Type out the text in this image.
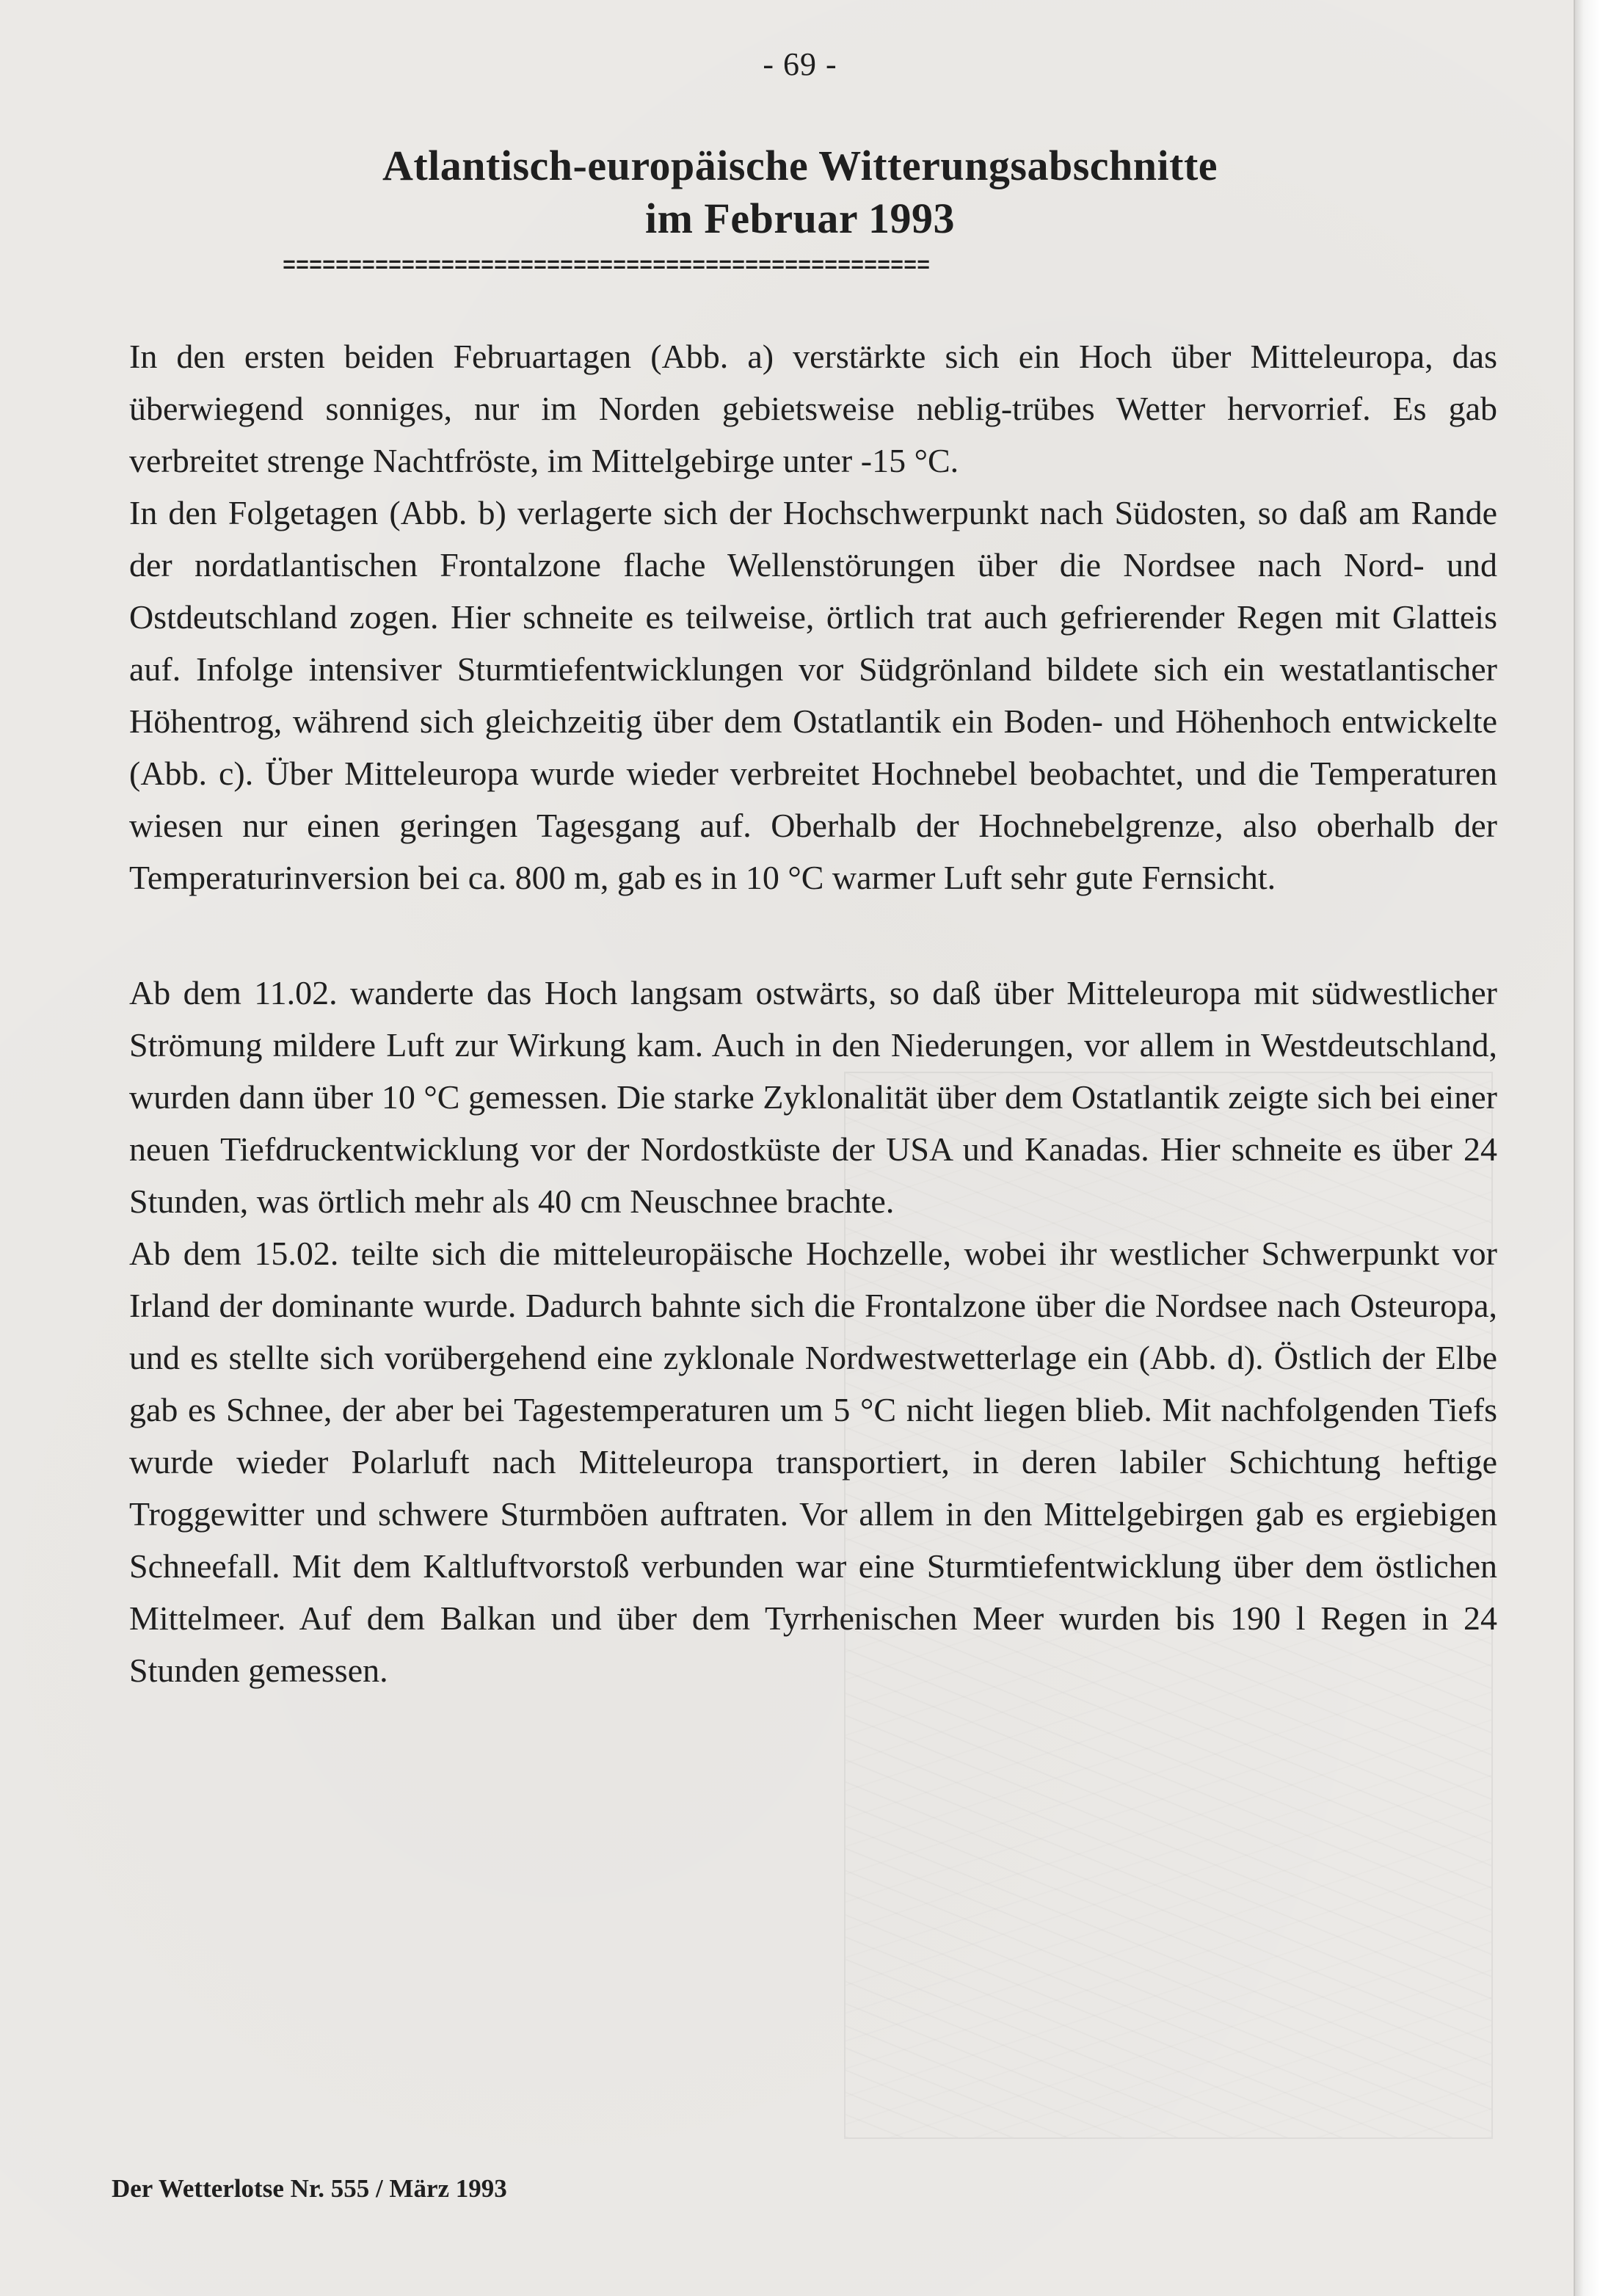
- 69 -
Atlantisch-europäische Witterungsabschnitte
im Februar 1993
=================================================

In den ersten beiden Februartagen (Abb. a) verstärkte sich ein Hoch über Mitteleuropa, das überwiegend sonniges, nur im Norden gebietsweise neblig-trübes Wetter hervorrief. Es gab verbreitet strenge Nachtfröste, im Mittelgebirge unter -15 °C.

In den Folgetagen (Abb. b) verlagerte sich der Hochschwerpunkt nach Südosten, so daß am Rande der nordatlantischen Frontalzone flache Wellenstörungen über die Nordsee nach Nord- und Ostdeutschland zogen. Hier schneite es teilweise, örtlich trat auch gefrierender Regen mit Glatteis auf. Infolge intensiver Sturmtiefentwicklungen vor Südgrönland bildete sich ein westatlantischer Höhentrog, während sich gleichzeitig über dem Ostatlantik ein Boden- und Höhenhoch entwickelte (Abb. c). Über Mitteleuropa wurde wieder verbreitet Hochnebel beobachtet, und die Temperaturen wiesen nur einen geringen Tagesgang auf. Oberhalb der Hochnebelgrenze, also oberhalb der Temperaturinversion bei ca. 800 m, gab es in 10 °C warmer Luft sehr gute Fernsicht.

Ab dem 11.02. wanderte das Hoch langsam ostwärts, so daß über Mitteleuropa mit südwestlicher Strömung mildere Luft zur Wirkung kam. Auch in den Niederungen, vor allem in Westdeutschland, wurden dann über 10 °C gemessen. Die starke Zyklonalität über dem Ostatlantik zeigte sich bei einer neuen Tiefdruckentwicklung vor der Nordostküste der USA und Kanadas. Hier schneite es über 24 Stunden, was örtlich mehr als 40 cm Neuschnee brachte.

Ab dem 15.02. teilte sich die mitteleuropäische Hochzelle, wobei ihr westlicher Schwerpunkt vor Irland der dominante wurde. Dadurch bahnte sich die Frontalzone über die Nordsee nach Osteuropa, und es stellte sich vorübergehend eine zyklonale Nordwestwetterlage ein (Abb. d). Östlich der Elbe gab es Schnee, der aber bei Tagestemperaturen um 5 °C nicht liegen blieb. Mit nachfolgenden Tiefs wurde wieder Polarluft nach Mitteleuropa transportiert, in deren labiler Schichtung heftige Troggewitter und schwere Sturmböen auftraten. Vor allem in den Mittelgebirgen gab es ergiebigen Schneefall. Mit dem Kaltluftvorstoß verbunden war eine Sturmtiefentwicklung über dem östlichen Mittelmeer. Auf dem Balkan und über dem Tyrrhenischen Meer wurden bis 190 l Regen in 24 Stunden gemessen.

Der Wetterlotse Nr. 555 / März 1993
